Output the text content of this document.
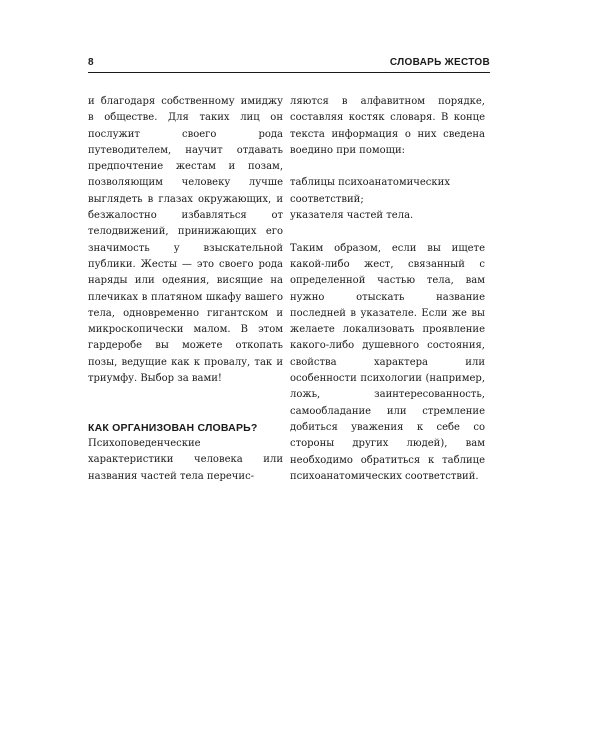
8	СЛОВАРЬ ЖЕСТОВ

и благодаря собственному имиджу в обществе. Для таких лиц он послужит своего рода путеводителем, научит отдавать предпочтение жестам и позам, позволяющим человеку лучше выглядеть в глазах окружающих, и безжалостно избавляться от телодвижений, принижающих его значимость у взыскательной публики. Жесты — это своего рода наряды или одеяния, висящие на плечиках в платяном шкафу вашего тела, одновременно гигантском и микроскопически малом. В этом гардеробе вы можете откопать позы, ведущие как к провалу, так и триумфу. Выбор за вами!

КАК ОРГАНИЗОВАН СЛОВАРЬ?

Психоповеденческие характеристики человека или названия частей тела перечис-

ляются в алфавитном порядке, составляя костяк словаря. В конце текста информация о них сведена воедино при помощи:

таблицы психоанатомических соответствий;

указателя частей тела.

Таким образом, если вы ищете какой-либо жест, связанный с определенной частью тела, вам нужно отыскать название последней в указателе. Если же вы желаете локализовать проявление какого-либо душевного состояния, свойства характера или особенности психологии (например, ложь, заинтересованность, самообладание или стремление добиться уважения к себе со стороны других людей), вам необходимо обратиться к таблице психоанатомических соответствий.
